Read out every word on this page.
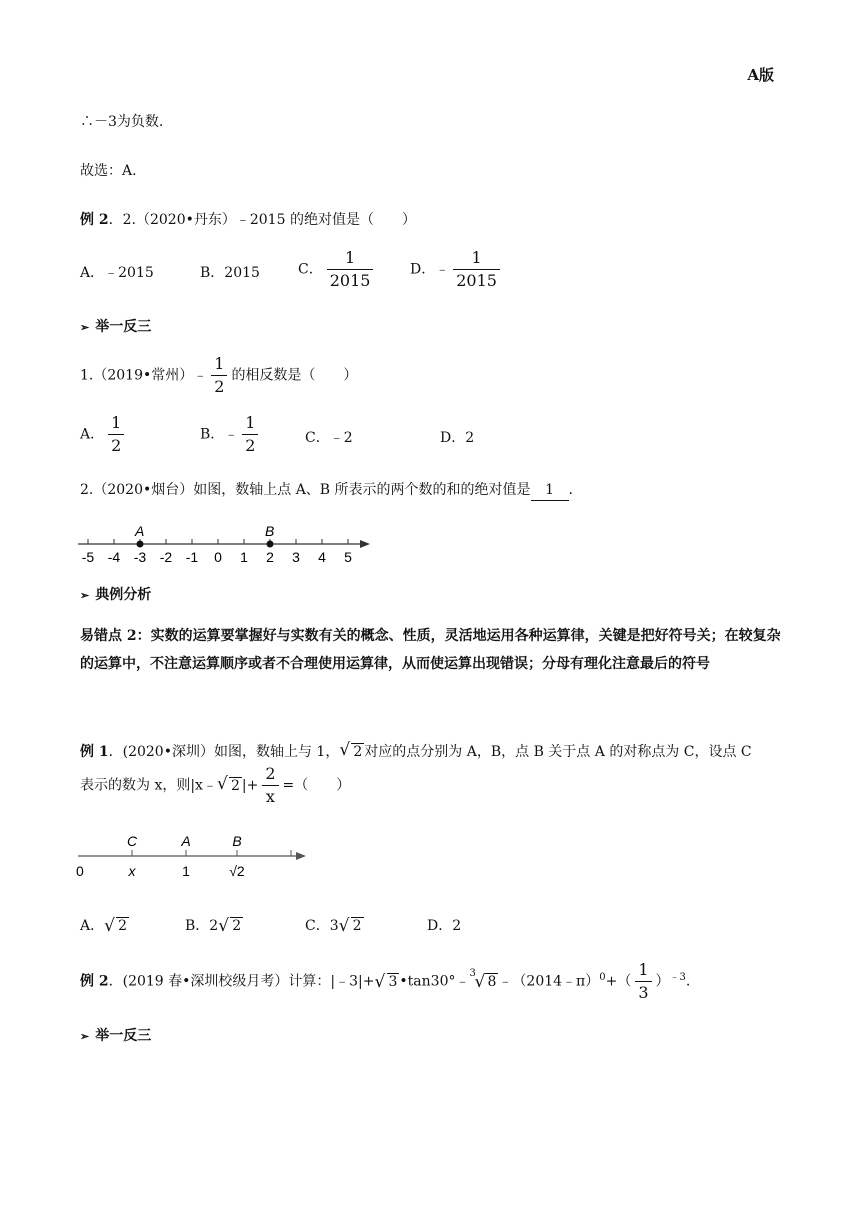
A版
∴－3为负数.
故选：A.
例 2．2.（2020•丹东）﹣2015 的绝对值是（　　）
A．﹣2015	B．2015	C． $\frac{1}{2015}$	D．﹣ $\frac{1}{2015}$
➢ 举一反三
1.（2019•常州）﹣ $\frac{1}{2}$ 的相反数是（　　）
A． $\frac{1}{2}$	B．﹣ $\frac{1}{2}$	C．﹣2	D．2
2.（2020•烟台）如图，数轴上点 A、B 所表示的两个数的和的绝对值是 1 .
-5 -4 -3 -2 -1 0 1 2 3 4 5
A	B
➢ 典例分析
易错点 2：实数的运算要掌握好与实数有关的概念、性质，灵活地运用各种运算律，关键是把好符号关；在较复杂的运算中，不注意运算顺序或者不合理使用运算律，从而使运算出现错误；分母有理化注意最后的符号
例 1．(2020•深圳）如图，数轴上与 1， √ 2 对应的点分别为 A，B，点 B 关于点 A 的对称点为 C，设点 C
表示的数为 x，则|x﹣ √ 2 |+ $\frac{2}{x}$ =（　　）
0
C
x
A
1
B
√2
A． √ 2	B．2 √ 2	C．3 √ 2	D．2
例 2．(2019 春•深圳校级月考）计算：|﹣3|+ √ 3 •tan30°﹣
√ 3
8 ﹣（2014﹣π）$^0$+（ $\frac{1}{3} )^{﹣3}$.
➢ 举一反三
